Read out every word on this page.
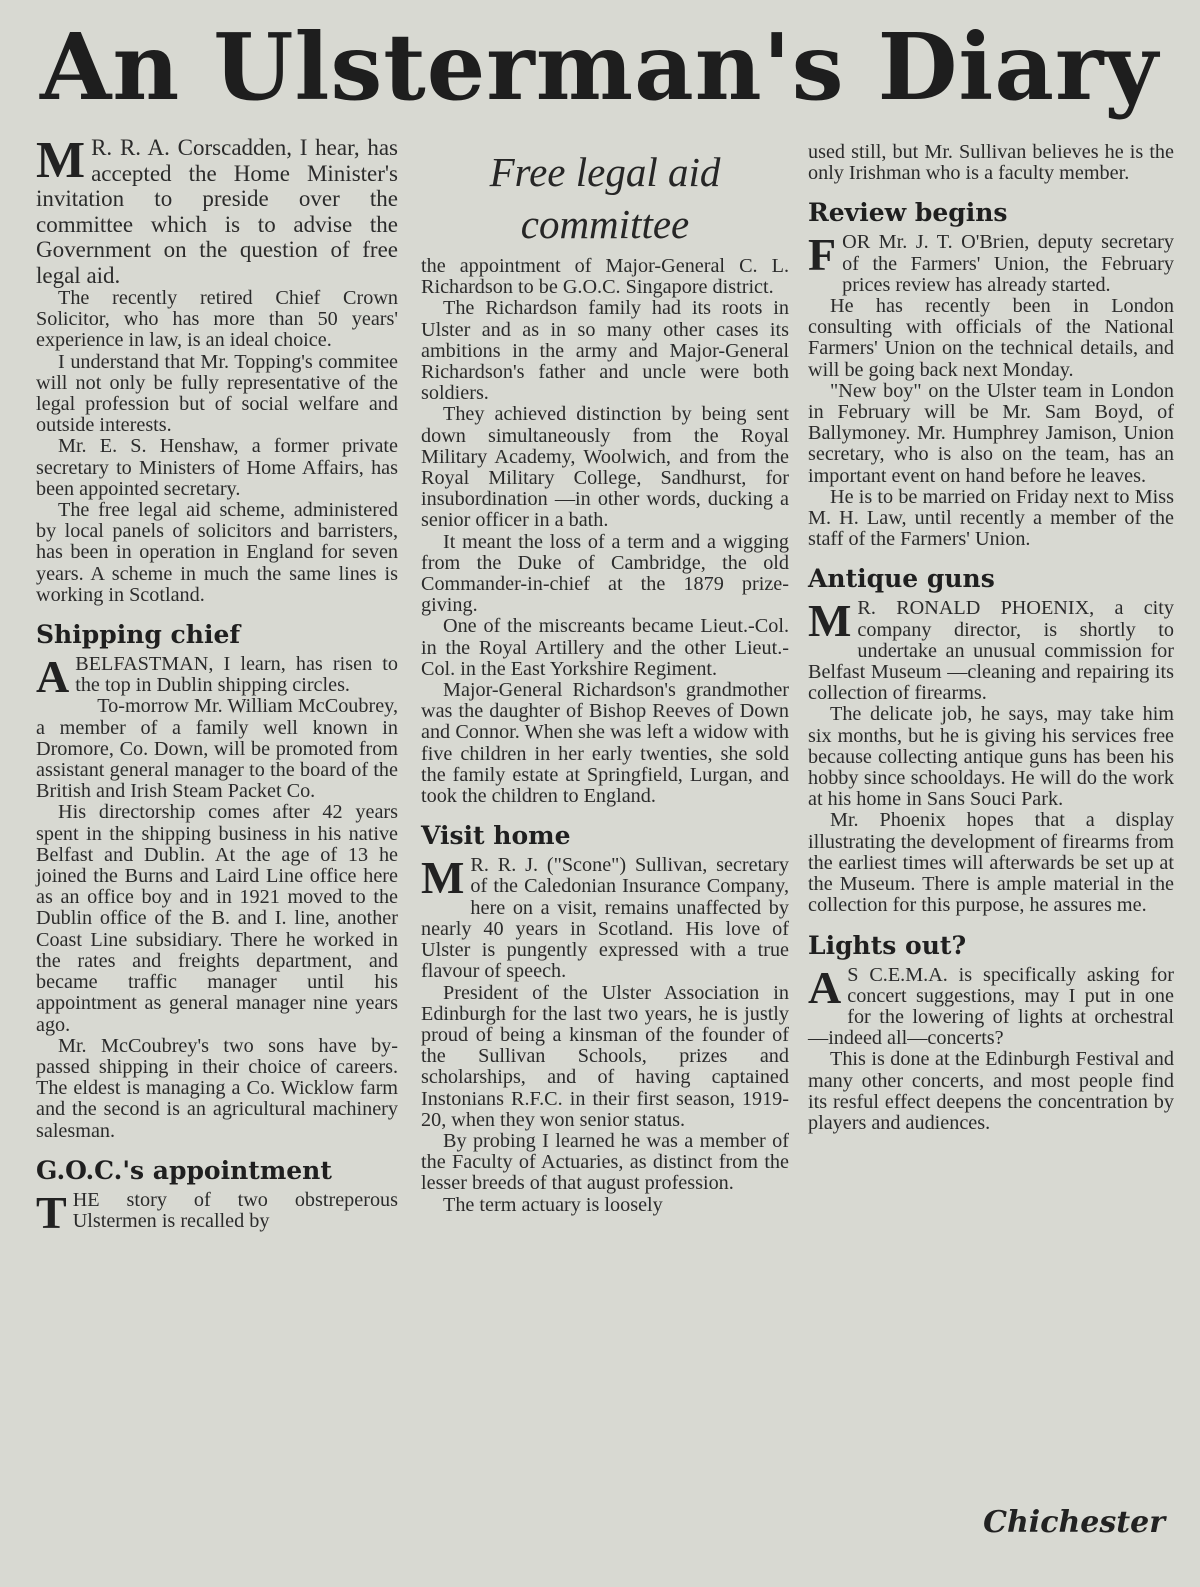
An Ulsterman's Diary

M R. R. A. Corscadden, I hear, has accepted the Home Minister's invitation to preside over the committee which is to advise the Government on the question of free legal aid.

The recently retired Chief Crown Solicitor, who has more than 50 years' experience in law, is an ideal choice.

I understand that Mr. Topping's commitee will not only be fully representative of the legal profession but of social welfare and outside interests.

Mr. E. S. Henshaw, a former private secretary to Ministers of Home Affairs, has been appointed secretary.

The free legal aid scheme, administered by local panels of solicitors and barristers, has been in operation in England for seven years. A scheme in much the same lines is working in Scotland.

Shipping chief

ABELFASTMAN, I learn, has risen to the top in Dublin shipping circles.

To-morrow Mr. William McCoubrey, a member of a family well known in Dromore, Co. Down, will be promoted from assistant general manager to the board of the British and Irish Steam Packet Co.

His directorship comes after 42 years spent in the shipping business in his native Belfast and Dublin. At the age of 13 he joined the Burns and Laird Line office here as an office boy and in 1921 moved to the Dublin office of the B. and I. line, another Coast Line subsidiary. There he worked in the rates and freights department, and became traffic manager until his appointment as general manager nine years ago.

Mr. McCoubrey's two sons have by-passed shipping in their choice of careers. The eldest is managing a Co. Wicklow farm and the second is an agricultural machinery salesman.

G.O.C.'s appointment

THE story of two obstreperous Ulstermen is recalled by

Free legal aid committee

the appointment of Major-General C. L. Richardson to be G.O.C. Singapore district.

The Richardson family had its roots in Ulster and as in so many other cases its ambitions in the army and Major-General Richardson's father and uncle were both soldiers.

They achieved distinction by being sent down simultaneously from the Royal Military Academy, Woolwich, and from the Royal Military College, Sandhurst, for insubordination —in other words, ducking a senior officer in a bath.

It meant the loss of a term and a wigging from the Duke of Cambridge, the old Commander-in-chief at the 1879 prize-giving.

One of the miscreants became Lieut.-Col. in the Royal Artillery and the other Lieut.-Col. in the East Yorkshire Regiment.

Major-General Richardson's grandmother was the daughter of Bishop Reeves of Down and Connor. When she was left a widow with five children in her early twenties, she sold the family estate at Springfield, Lurgan, and took the children to England.

Visit home

M R. R. J. ("Scone") Sullivan, secretary of the Caledonian Insurance Company, here on a visit, remains unaffected by nearly 40 years in Scotland. His love of Ulster is pungently expressed with a true flavour of speech.

President of the Ulster Association in Edinburgh for the last two years, he is justly proud of being a kinsman of the founder of the Sullivan Schools, prizes and scholarships, and of having captained Instonians R.F.C. in their first season, 1919-20, when they won senior status.

By probing I learned he was a member of the Faculty of Actuaries, as distinct from the lesser breeds of that august profession.

The term actuary is loosely

used still, but Mr. Sullivan believes he is the only Irishman who is a faculty member.

Review begins

FOR Mr. J. T. O'Brien, deputy secretary of the Farmers' Union, the February prices review has already started.

He has recently been in London consulting with officials of the National Farmers' Union on the technical details, and will be going back next Monday.

"New boy" on the Ulster team in London in February will be Mr. Sam Boyd, of Ballymoney. Mr. Humphrey Jamison, Union secretary, who is also on the team, has an important event on hand before he leaves.

He is to be married on Friday next to Miss M. H. Law, until recently a member of the staff of the Farmers' Union.

Antique guns

M R. RONALD PHOENIX, a city company director, is shortly to undertake an unusual commission for Belfast Museum —cleaning and repairing its collection of firearms.

The delicate job, he says, may take him six months, but he is giving his services free because collecting antique guns has been his hobby since schooldays. He will do the work at his home in Sans Souci Park.

Mr. Phoenix hopes that a display illustrating the development of firearms from the earliest times will afterwards be set up at the Museum. There is ample material in the collection for this purpose, he assures me.

Lights out?

A S C.E.M.A. is specifically asking for concert suggestions, may I put in one for the lowering of lights at orchestral —indeed all—concerts?

This is done at the Edinburgh Festival and many other concerts, and most people find its resful effect deepens the concentration by players and audiences.

Chichester
